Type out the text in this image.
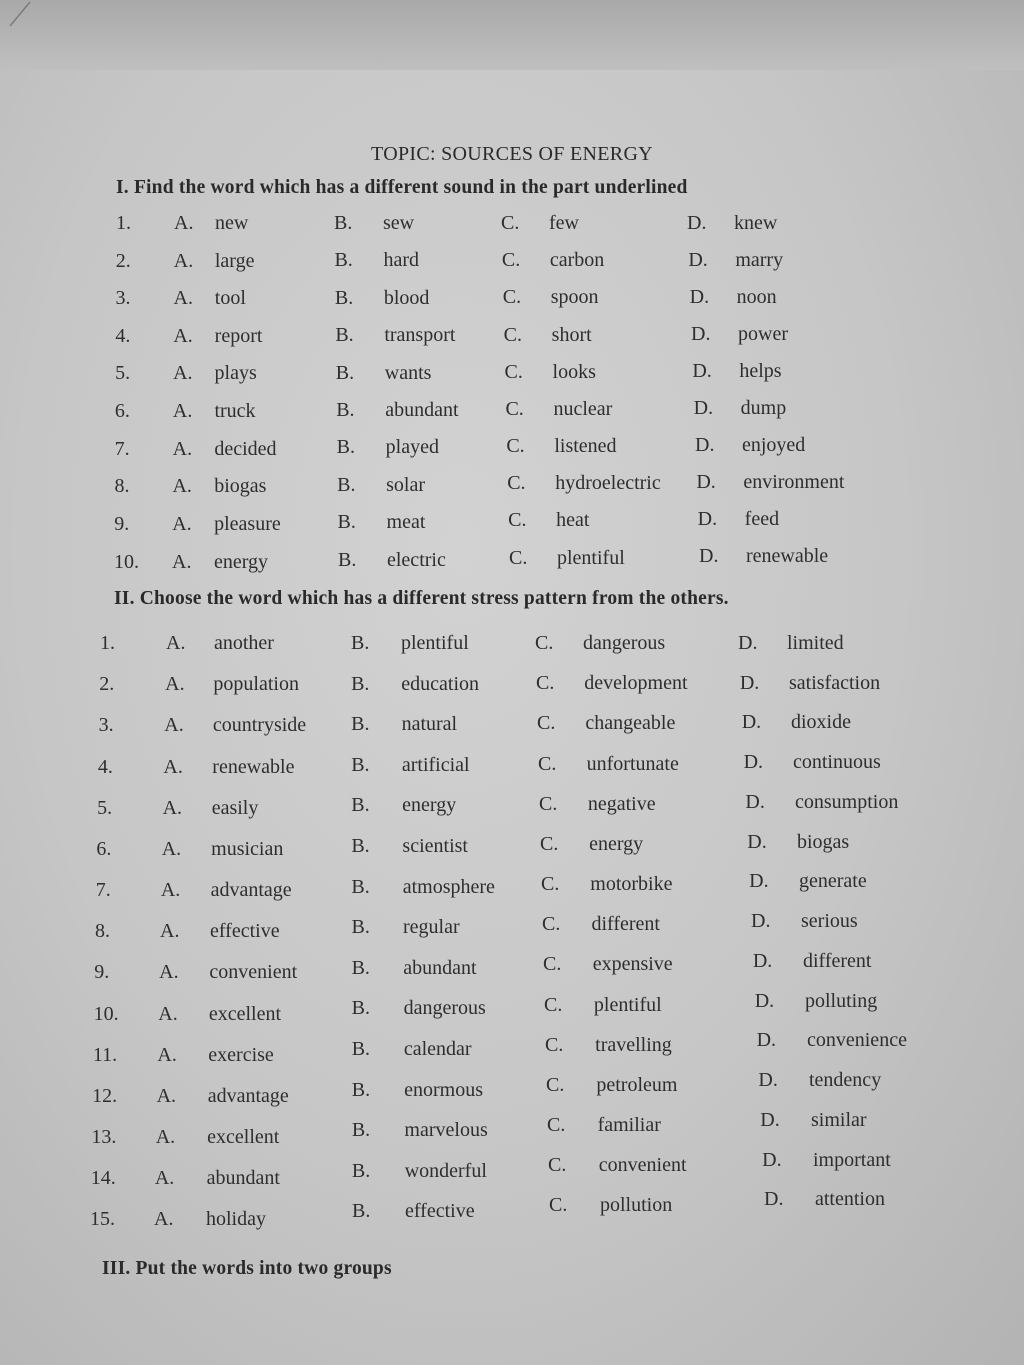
TOPIC: SOURCES OF ENERGY
I. Find the word which has a different sound in the part underlined
1. A. new	B. sew	C. few	D. knew
2. A. large	B. hard	C. carbon	D. marry
3. A. tool	B. blood	C. spoon	D. noon
4. A. report	B. transport C. short	D. power
5. A. plays	B. wants	C. looks	D. helps
6. A. truck	B. abundant C. nuclear	D. dump
7. A. decided	B. played	C. listened	D. enjoyed
8. A. biogas	B. solar	C. hydroelectric D. environment
9. A. pleasure	B. meat	C. heat	D. feed
10. A. energy	B. electric	C. plentiful	D. renewable
II. Choose the word which has a different stress pattern from the others.
1.	A. another	B. plentiful	C. dangerous	D. limited
2.	A. population	B. education	C. development	D. satisfaction
3.	A. countryside B. natural	C. changeable	D. dioxide
4.	A. renewable	B. artificial	C. unfortunate	D. continuous
5.	A. easily	B. energy	C. negative	D. consumption
6.	A. musician	B. scientist	C. energy	D. biogas
7.	A. advantage	B. atmosphere C. motorbike	D. generate
8.	A. effective	B. regular	C. different	D. serious
9. A. convenient	B. abundant	C. expensive	D. different
10. A. excellent	B. dangerous	C. plentiful	D. polluting
11. A. exercise	B. calendar	C. travelling	D. convenience
12. A. advantage	B. enormous	C. petroleum	D. tendency
13. A. excellent	B. marvelous	C. familiar	D. similar
14. A. abundant	B. wonderful	C. convenient	D. important
15. A. holiday	B. effective	C. pollution	D. attention
III. Put the words into two groups
